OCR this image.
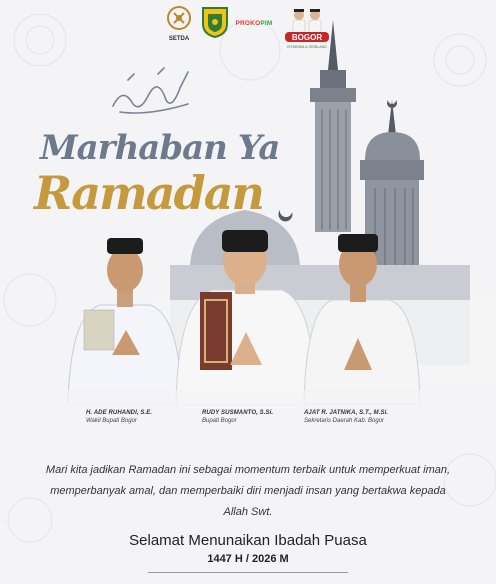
SETDA
PROKOPIM
BOGOR
ISTIMEWA & GEMILANG
Marhaban Ya
Ramadan
H. ADE RUHANDI, S.E.
Wakil Bupati Bogor
RUDY SUSMANTO, S.Si.
Bupati Bogor
AJAT R. JATNIKA, S.T., M.Si.
Sekretaris Daerah Kab. Bogor
Mari kita jadikan Ramadan ini sebagai momentum terbaik untuk memperkuat iman, memperbanyak amal, dan memperbaiki diri menjadi insan yang bertakwa kepada Allah Swt.
Selamat Menunaikan Ibadah Puasa
1447 H / 2026 M
